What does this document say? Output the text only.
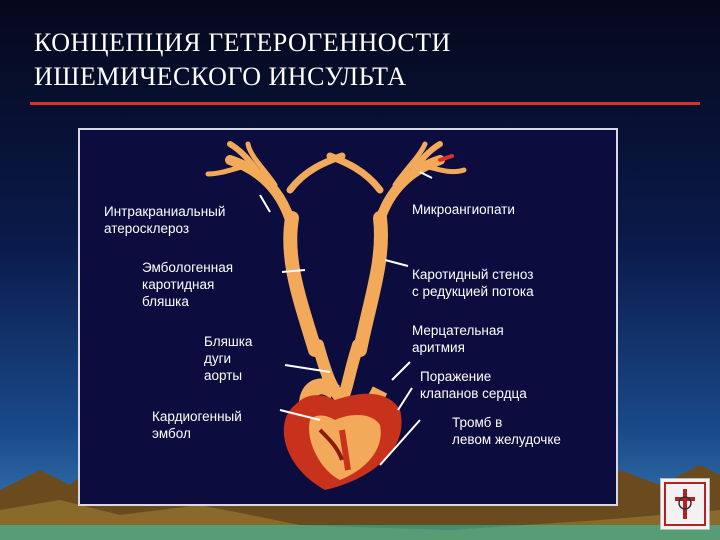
КОНЦЕПЦИЯ ГЕТЕРОГЕННОСТИ
ИШЕМИЧЕСКОГО ИНСУЛЬТА
Интракраниальный
атеросклероз
Эмбологенная
каротидная
бляшка
Бляшка
дуги
аорты
Кардиогенный
эмбол
Микроангиопати
Каротидный стеноз
с редукцией потока
Мерцательная
аритмия
Поражение
клапанов сердца
Тромб в
левом желудочке
